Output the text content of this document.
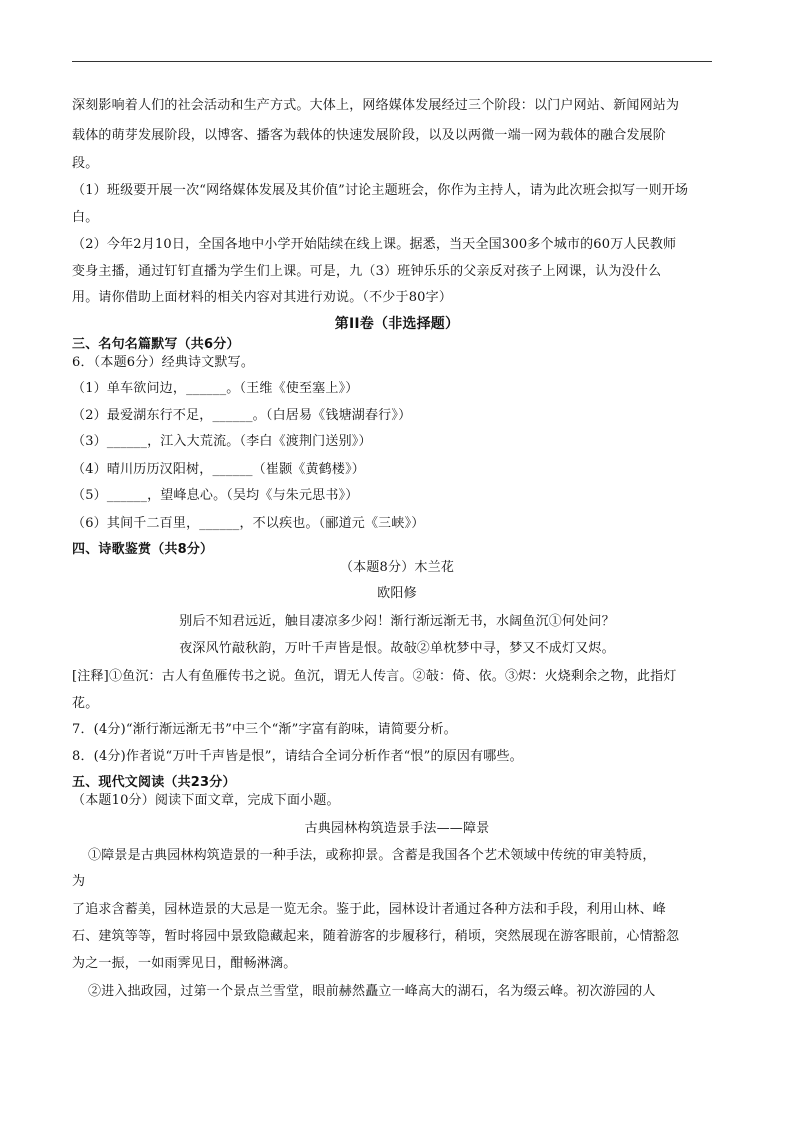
深刻影响着人们的社会活动和生产方式。大体上，网络媒体发展经过三个阶段：以门户网站、新闻网站为
载体的萌芽发展阶段，以博客、播客为载体的快速发展阶段，以及以两微一端一网为载体的融合发展阶
段。
（1）班级要开展一次“网络媒体发展及其价值”讨论主题班会，你作为主持人，请为此次班会拟写一则开场
白。
（2）今年2月10日，全国各地中小学开始陆续在线上课。据悉，当天全国300多个城市的60万人民教师
变身主播，通过钉钉直播为学生们上课。可是，九（3）班钟乐乐的父亲反对孩子上网课，认为没什么
用。请你借助上面材料的相关内容对其进行劝说。（不少于80字）
第II卷（非选择题）
三、名句名篇默写（共6分）
6．（本题6分）经典诗文默写。
（1）单车欲问边，______。（王维《使至塞上》）
（2）最爱湖东行不足，______。（白居易《钱塘湖春行》）
（3）______，江入大荒流。（李白《渡荆门送别》）
（4）晴川历历汉阳树，______（崔颢《黄鹤楼》）
（5）______，望峰息心。（吴均《与朱元思书》）
（6）其间千二百里，______，不以疾也。（郦道元《三峡》）
四、诗歌鉴赏（共8分）
（本题8分）木兰花
欧阳修
别后不知君远近，触目凄凉多少闷！渐行渐远渐无书，水阔鱼沉①何处问？
夜深风竹敲秋韵，万叶千声皆是恨。故敧②单枕梦中寻，梦又不成灯又烬。
[注释]①鱼沉：古人有鱼雁传书之说。鱼沉，谓无人传言。②敧：倚、依。③烬：火烧剩余之物，此指灯
花。
7．(4分)“渐行渐远渐无书”中三个“渐”字富有韵味，请简要分析。
8．(4分)作者说“万叶千声皆是恨”，请结合全词分析作者“恨”的原因有哪些。
五、现代文阅读（共23分）
（本题10分）阅读下面文章，完成下面小题。
古典园林构筑造景手法——障景
①障景是古典园林构筑造景的一种手法，或称抑景。含蓄是我国各个艺术领域中传统的审美特质，
为
了追求含蓄美，园林造景的大忌是一览无余。鉴于此，园林设计者通过各种方法和手段，利用山林、峰
石、建筑等等，暂时将园中景致隐藏起来，随着游客的步履移行，稍顷，突然展现在游客眼前，心情豁忽
为之一振，一如雨霁见日，酣畅淋漓。
②进入拙政园，过第一个景点兰雪堂，眼前赫然矗立一峰高大的湖石，名为缀云峰。初次游园的人
